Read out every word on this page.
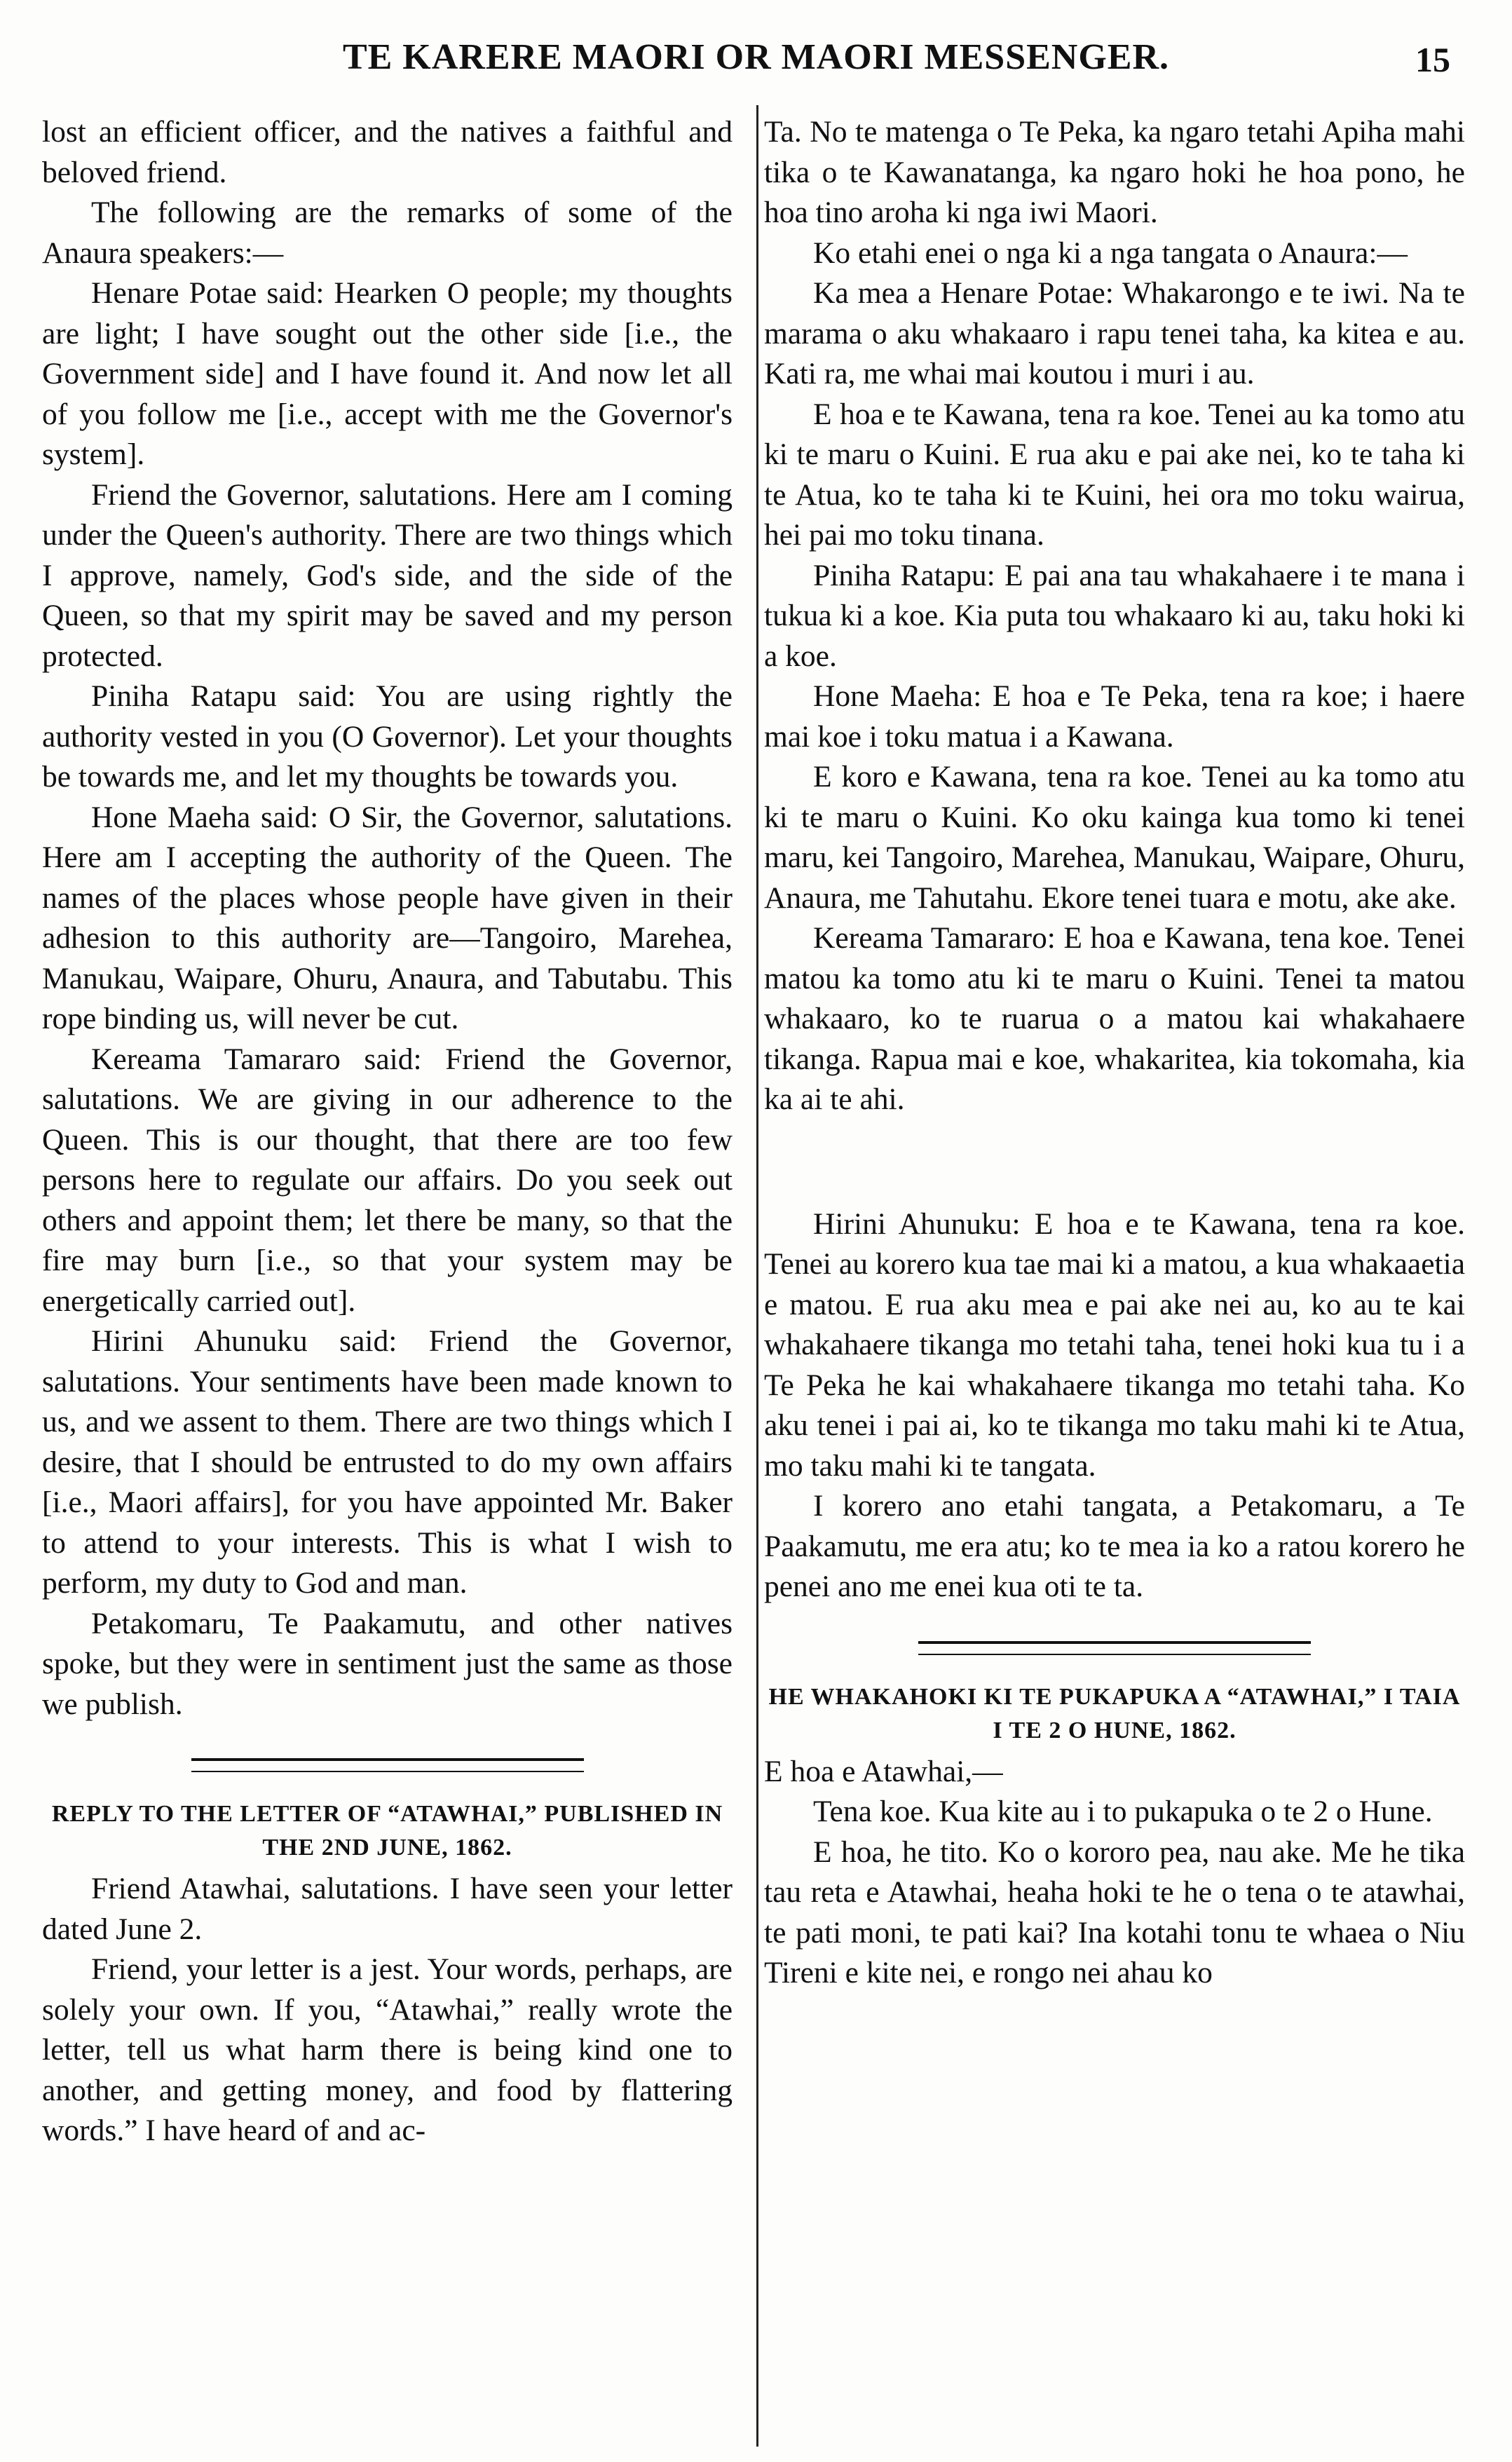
TE KARERE MAORI OR MAORI MESSENGER.	15

lost an efficient officer, and the natives a faithful and beloved friend.

The following are the remarks of some of the Anaura speakers:—

Henare Potae said: Hearken O people; my thoughts are light; I have sought out the other side [i.e., the Government side] and I have found it. And now let all of you follow me [i.e., accept with me the Governor's system].

Friend the Governor, salutations. Here am I coming under the Queen's authority. There are two things which I approve, namely, God's side, and the side of the Queen, so that my spirit may be saved and my person protected.

Piniha Ratapu said: You are using rightly the authority vested in you (O Governor). Let your thoughts be towards me, and let my thoughts be towards you.

Hone Maeha said: O Sir, the Governor, salutations. Here am I accepting the authority of the Queen. The names of the places whose people have given in their adhesion to this authority are—Tangoiro, Marehea, Manukau, Waipare, Ohuru, Anaura, and Tabutabu. This rope binding us, will never be cut.

Kereama Tamararo said: Friend the Governor, salutations. We are giving in our adherence to the Queen. This is our thought, that there are too few persons here to regulate our affairs. Do you seek out others and appoint them; let there be many, so that the fire may burn [i.e., so that your system may be energetically carried out].

Hirini Ahunuku said: Friend the Governor, salutations. Your sentiments have been made known to us, and we assent to them. There are two things which I desire, that I should be entrusted to do my own affairs [i.e., Maori affairs], for you have appointed Mr. Baker to attend to your interests. This is what I wish to perform, my duty to God and man.

Petakomaru, Te Paakamutu, and other natives spoke, but they were in sentiment just the same as those we publish.

REPLY TO THE LETTER OF “ATAWHAI,” PUBLISHED IN THE 2ND JUNE, 1862.

Friend Atawhai, salutations. I have seen your letter dated June 2.

Friend, your letter is a jest. Your words, perhaps, are solely your own. If you, “Atawhai,” really wrote the letter, tell us what harm there is being kind one to another, and getting money, and food by flattering words.” I have heard of and ac-

Ta. No te matenga o Te Peka, ka ngaro tetahi Apiha mahi tika o te Kawanatanga, ka ngaro hoki he hoa pono, he hoa tino aroha ki nga iwi Maori.

Ko etahi enei o nga ki a nga tangata o Anaura:—

Ka mea a Henare Potae: Whakarongo e te iwi. Na te marama o aku whakaaro i rapu tenei taha, ka kitea e au. Kati ra, me whai mai koutou i muri i au.

E hoa e te Kawana, tena ra koe. Tenei au ka tomo atu ki te maru o Kuini. E rua aku e pai ake nei, ko te taha ki te Atua, ko te taha ki te Kuini, hei ora mo toku wairua, hei pai mo toku tinana.

Piniha Ratapu: E pai ana tau whakahaere i te mana i tukua ki a koe. Kia puta tou whakaaro ki au, taku hoki ki a koe.

Hone Maeha: E hoa e Te Peka, tena ra koe; i haere mai koe i toku matua i a Kawana.

E koro e Kawana, tena ra koe. Tenei au ka tomo atu ki te maru o Kuini. Ko oku kainga kua tomo ki tenei maru, kei Tangoiro, Marehea, Manukau, Waipare, Ohuru, Anaura, me Tahutahu. Ekore tenei tuara e motu, ake ake.

Kereama Tamararo: E hoa e Kawana, tena koe. Tenei matou ka tomo atu ki te maru o Kuini. Tenei ta matou whakaaro, ko te ruarua o a matou kai whakahaere tikanga. Rapua mai e koe, whakaritea, kia tokomaha, kia ka ai te ahi.

Hirini Ahunuku: E hoa e te Kawana, tena ra koe. Tenei au korero kua tae mai ki a matou, a kua whakaaetia e matou. E rua aku mea e pai ake nei au, ko au te kai whakahaere tikanga mo tetahi taha, tenei hoki kua tu i a Te Peka he kai whakahaere tikanga mo tetahi taha. Ko aku tenei i pai ai, ko te tikanga mo taku mahi ki te Atua, mo taku mahi ki te tangata.

I korero ano etahi tangata, a Petakomaru, a Te Paakamutu, me era atu; ko te mea ia ko a ratou korero he penei ano me enei kua oti te ta.

HE WHAKAHOKI KI TE PUKAPUKA A “ATAWHAI,” I TAIA I TE 2 O HUNE, 1862.

E hoa e Atawhai,—

Tena koe. Kua kite au i to pukapuka o te 2 o Hune.

E hoa, he tito. Ko o kororo pea, nau ake. Me he tika tau reta e Atawhai, heaha hoki te he o tena o te atawhai, te pati moni, te pati kai? Ina kotahi tonu te whaea o Niu Tireni e kite nei, e rongo nei ahau ko
